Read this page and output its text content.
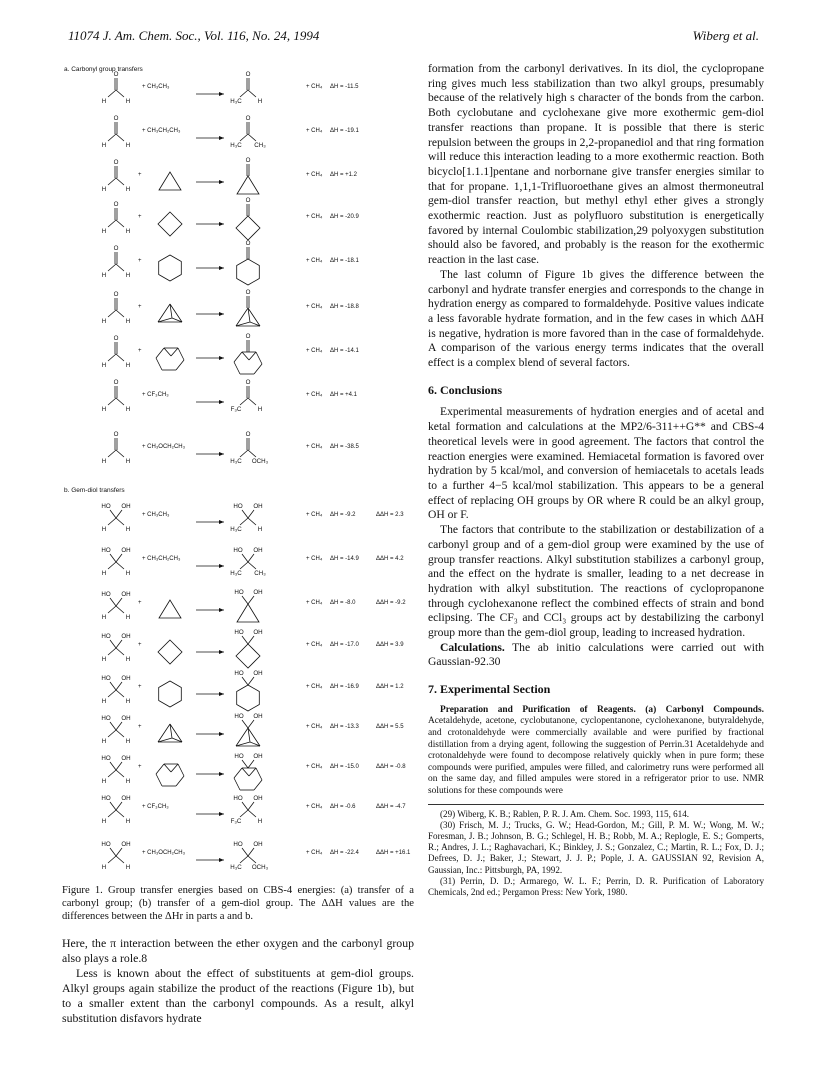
11074 J. Am. Chem. Soc., Vol. 116, No. 24, 1994	Wiberg et al.
a. Carbonyl group transfers
b. Gem-diol transfers
O
H	H
O
H₃C	H
O
H	H
O
H₃C CH₃
O
H	H
O
O
H	H
O
O
H	H
O
O
H	H
O
O
H	H
O
O
H	H
O
F₃C	H
O
H	H
O
H₃C OCH₃
HO OH
H	H
HO OH
H₃C	H
HO OH
H	H
HO OH
H₃C CH₃
HO OH
H	H
HO OH
HO OH
H	H
HO OH
HO OH
H	H
HO OH
HO OH
H	H
HO OH
HO OH
H	H
HO OH
HO OH
H	H
HO OH
F₃C	H
HO OH
H	H
HO OH
H₃C OCH₃
+ CH₃CH₃	+ CH₄ ΔH = -11.5
+ CH₃CH₂CH₃	+ CH₄ ΔH = -19.1
+	+ CH₄ ΔH = +1.2
+	+ CH₄ ΔH = -20.9
+	+ CH₄ ΔH = -18.1
+	+ CH₄ ΔH = -18.8
+	+ CH₄ ΔH = -14.1
+ CF₃CH₃	+ CH₄ ΔH = +4.1
+ CH₃OCH₂CH₃	+ CH₄ ΔH = -38.5
+ CH₃CH₃	+ CH₄ ΔH = -9.2	ΔΔH = 2.3
+ CH₃CH₂CH₃	+ CH₄ ΔH = -14.9	ΔΔH = 4.2
+	+ CH₄ ΔH = -8.0	ΔΔH = -9.2
+	+ CH₄ ΔH = -17.0	ΔΔH = 3.9
+	+ CH₄ ΔH = -16.9	ΔΔH = 1.2
+	+ CH₄ ΔH = -13.3	ΔΔH = 5.5
+	+ CH₄ ΔH = -15.0	ΔΔH = -0.8
+ CF₃CH₃	+ CH₄ ΔH = -0.6	ΔΔH = -4.7
+ CH₃OCH₂CH₃	+ CH₄ ΔH = -22.4	ΔΔH = +16.1
Figure 1. Group transfer energies based on CBS-4 energies: (a) transfer of a carbonyl group; (b) transfer of a gem-diol group. The ΔΔH values are the differences between the ΔHr in parts a and b.

Here, the π interaction between the ether oxygen and the carbonyl group also plays a role.8

Less is known about the effect of substituents at gem-diol groups. Alkyl groups again stabilize the product of the reactions (Figure 1b), but to a smaller extent than the carbonyl compounds. As a result, alkyl substitution disfavors hydrate

formation from the carbonyl derivatives. In its diol, the cyclopropane ring gives much less stabilization than two alkyl groups, presumably because of the relatively high s character of the bonds from the carbon. Both cyclobutane and cyclohexane give more exothermic gem-diol transfer reactions than propane. It is possible that there is steric repulsion between the groups in 2,2-propanediol and that ring formation will reduce this interaction leading to a more exothermic reaction. Both bicyclo[1.1.1]pentane and norbornane give transfer energies similar to that for propane. 1,1,1-Trifluoroethane gives an almost thermoneutral gem-diol transfer reaction, but methyl ethyl ether gives a strongly exothermic reaction. Just as polyfluoro substitution is energetically favored by internal Coulombic stabilization,29 polyoxygen substitution should also be favored, and probably is the reason for the exothermic reaction in the last case.

The last column of Figure 1b gives the difference between the carbonyl and hydrate transfer energies and corresponds to the change in hydration energy as compared to formaldehyde. Positive values indicate a less favorable hydrate formation, and in the few cases in which ΔΔH is negative, hydration is more favored than in the case of formaldehyde. A comparison of the various energy terms indicates that the overall effect is a complex blend of several factors.

6. Conclusions

Experimental measurements of hydration energies and of acetal and ketal formation and calculations at the MP2/6-311++G** and CBS-4 theoretical levels were in good agreement. The factors that control the reaction energies were examined. Hemiacetal formation is favored over hydration by 5 kcal/mol, and conversion of hemiacetals to acetals leads to a further 4−5 kcal/mol stabilization. This appears to be a general effect of replacing OH groups by OR where R could be an alkyl group, OH or F.

The factors that contribute to the stabilization or destabilization of a carbonyl group and of a gem-diol group were examined by the use of group transfer reactions. Alkyl substitution stabilizes a carbonyl group, and the effect on the hydrate is smaller, leading to a net decrease in hydration with alkyl substitution. The reactions of cyclopropanone through cyclohexanone reflect the combined effects of strain and bond eclipsing. The CF₃ and CCl₃ groups act by destabilizing the carbonyl group more than the gem-diol group, leading to increased hydration.

Calculations. The ab initio calculations were carried out with Gaussian-92.30

7. Experimental Section

Preparation and Purification of Reagents. (a) Carbonyl Compounds. Acetaldehyde, acetone, cyclobutanone, cyclopentanone, cyclohexanone, butyraldehyde, and crotonaldehyde were commercially available and were purified by fractional distillation from a drying agent, following the suggestion of Perrin.31 Acetaldehyde and crotonaldehyde were found to decompose relatively quickly when in pure form; these compounds were purified, ampules were filled, and calorimetry runs were performed all on the same day, and filled ampules were stored in a refrigerator prior to use. NMR solutions for these compounds were

(29) Wiberg, K. B.; Rablen, P. R. J. Am. Chem. Soc. 1993, 115, 614.

(30) Frisch, M. J.; Trucks, G. W.; Head-Gordon, M.; Gill, P. M. W.; Wong, M. W.; Foresman, J. B.; Johnson, B. G.; Schlegel, H. B.; Robb, M. A.; Replogle, E. S.; Gomperts, R.; Andres, J. L.; Raghavachari, K.; Binkley, J. S.; Gonzalez, C.; Martin, R. L.; Fox, D. J.; Defrees, D. J.; Baker, J.; Stewart, J. J. P.; Pople, J. A. GAUSSIAN 92, Revision A, Gaussian, Inc.: Pittsburgh, PA, 1992.

(31) Perrin, D. D.; Armarego, W. L. F.; Perrin, D. R. Purification of Laboratory Chemicals, 2nd ed.; Pergamon Press: New York, 1980.
